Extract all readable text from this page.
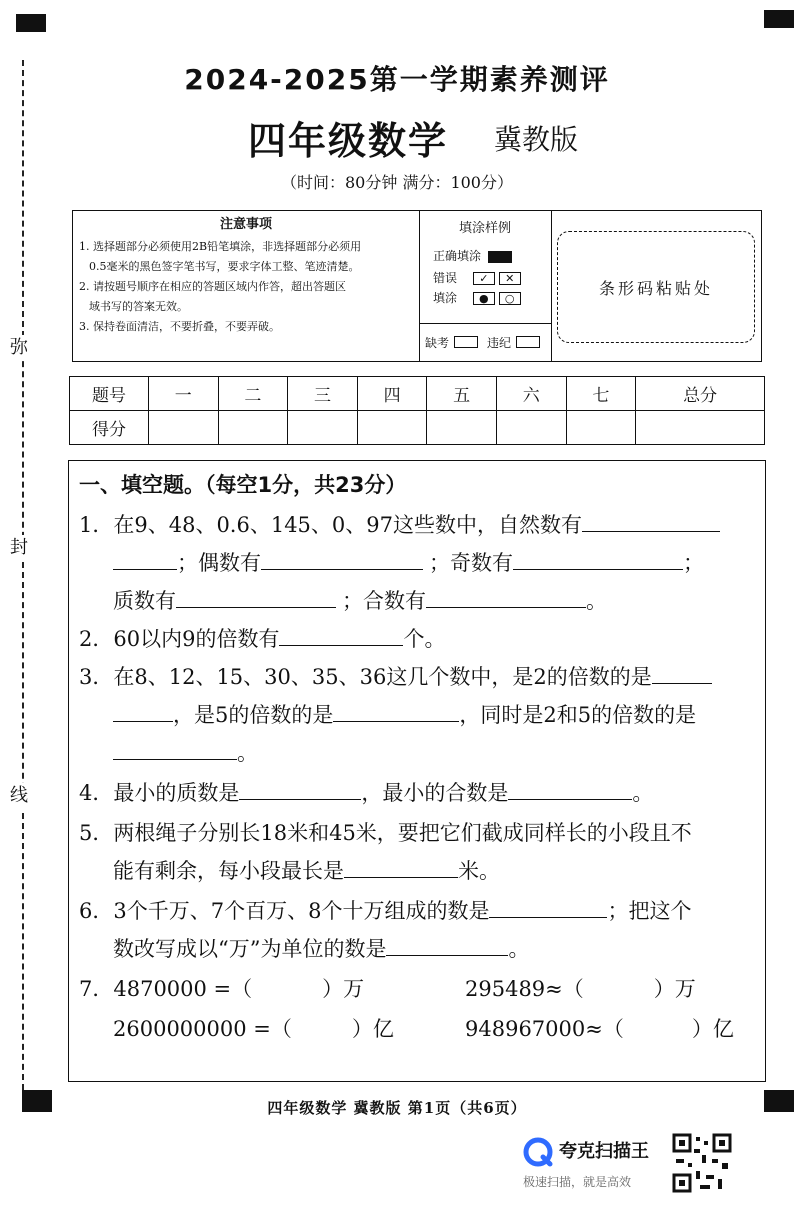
弥
封
线
2024-2025第一学期素养测评
四年级数学 冀教版
（时间：80分钟 满分：100分）
注意事项

1. 选择题部分必须使用2B铅笔填涂，非选择题部分必须用

0.5毫米的黑色签字笔书写，要求字体工整、笔迹清楚。

2. 请按题号顺序在相应的答题区域内作答，超出答题区

域书写的答案无效。

3. 保持卷面清洁，不要折叠，不要弄破。

填涂样例
正确填涂
错误 ✓ ✕
填涂 ● ○
缺考	违纪
条形码粘贴处
题号	一	二	三	四	五	六	七	总分
得分								
一、填空题。（每空1分，共23分）
1．在9、48、0.6、145、0、97这些数中，自然数有
；偶数有	；奇数有	；
质数有	；合数有	。
2．60以内9的倍数有	个。
3．在8、12、15、30、35、36这几个数中，是2的倍数的是
，是5的倍数的是	，同时是2和5的倍数的是
。
4．最小的质数是	，最小的合数是	。
5．两根绳子分别长18米和45米，要把它们截成同样长的小段且不
能有剩余，每小段最长是	米。
6．3个千万、7个百万、8个十万组成的数是	；把这个
数改写成以“万”为单位的数是	。
7．4870000 =（	）万	295489≈（	）万
2600000000 =（	）亿	948967000≈（	）亿
四年级数学 冀教版 第1页（共6页）
夸克扫描王
极速扫描，就是高效
